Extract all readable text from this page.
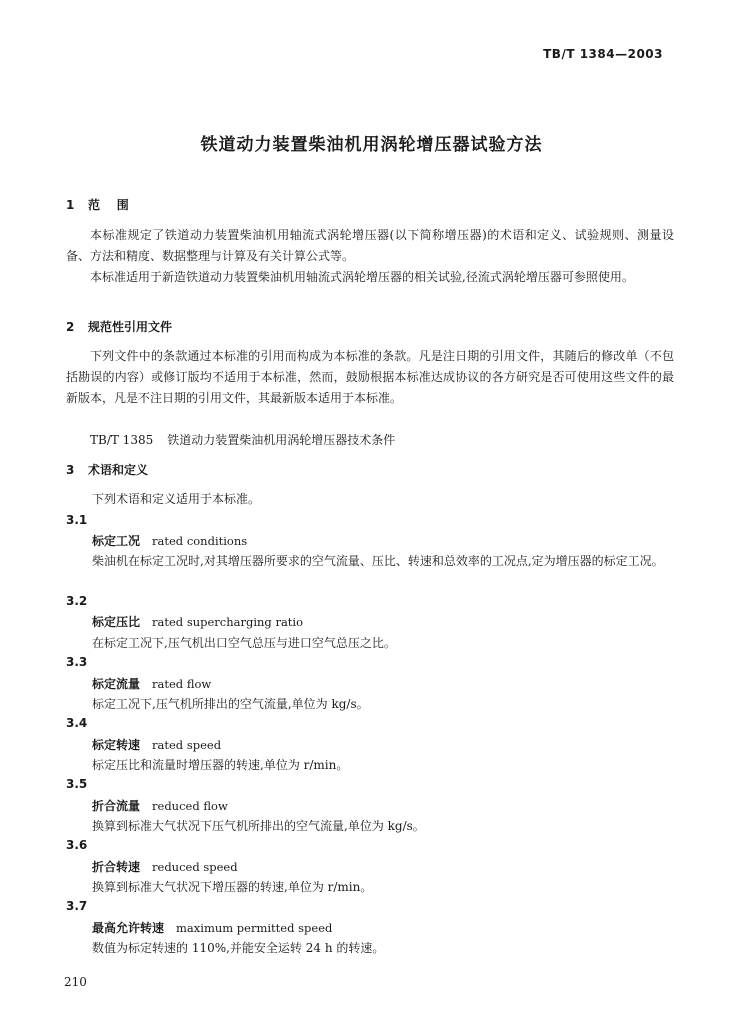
TB/T 1384—2003
铁道动力装置柴油机用涡轮增压器试验方法
1 范    围
本标准规定了铁道动力装置柴油机用轴流式涡轮增压器(以下简称增压器)的术语和定义、试验规则、测量设备、方法和精度、数据整理与计算及有关计算公式等。
本标准适用于新造铁道动力装置柴油机用轴流式涡轮增压器的相关试验,径流式涡轮增压器可参照使用。
2 规范性引用文件
下列文件中的条款通过本标准的引用而构成为本标准的条款。凡是注日期的引用文件，其随后的修改单（不包括勘误的内容）或修订版均不适用于本标准，然而，鼓励根据本标准达成协议的各方研究是否可使用这些文件的最新版本，凡是不注日期的引用文件，其最新版本适用于本标准。
TB/T 1385 铁道动力装置柴油机用涡轮增压器技术条件
3 术语和定义
下列术语和定义适用于本标准。
3.1
标定工况 rated conditions
柴油机在标定工况时,对其增压器所要求的空气流量、压比、转速和总效率的工况点,定为增压器的标定工况。
3.2
标定压比 rated supercharging ratio
在标定工况下,压气机出口空气总压与进口空气总压之比。
3.3
标定流量 rated flow
标定工况下,压气机所排出的空气流量,单位为 kg/s。
3.4
标定转速 rated speed
标定压比和流量时增压器的转速,单位为 r/min。
3.5
折合流量 reduced flow
换算到标准大气状况下压气机所排出的空气流量,单位为 kg/s。
3.6
折合转速 reduced speed
换算到标准大气状况下增压器的转速,单位为 r/min。
3.7
最高允许转速 maximum permitted speed
数值为标定转速的 110%,并能安全运转 24 h 的转速。
210
